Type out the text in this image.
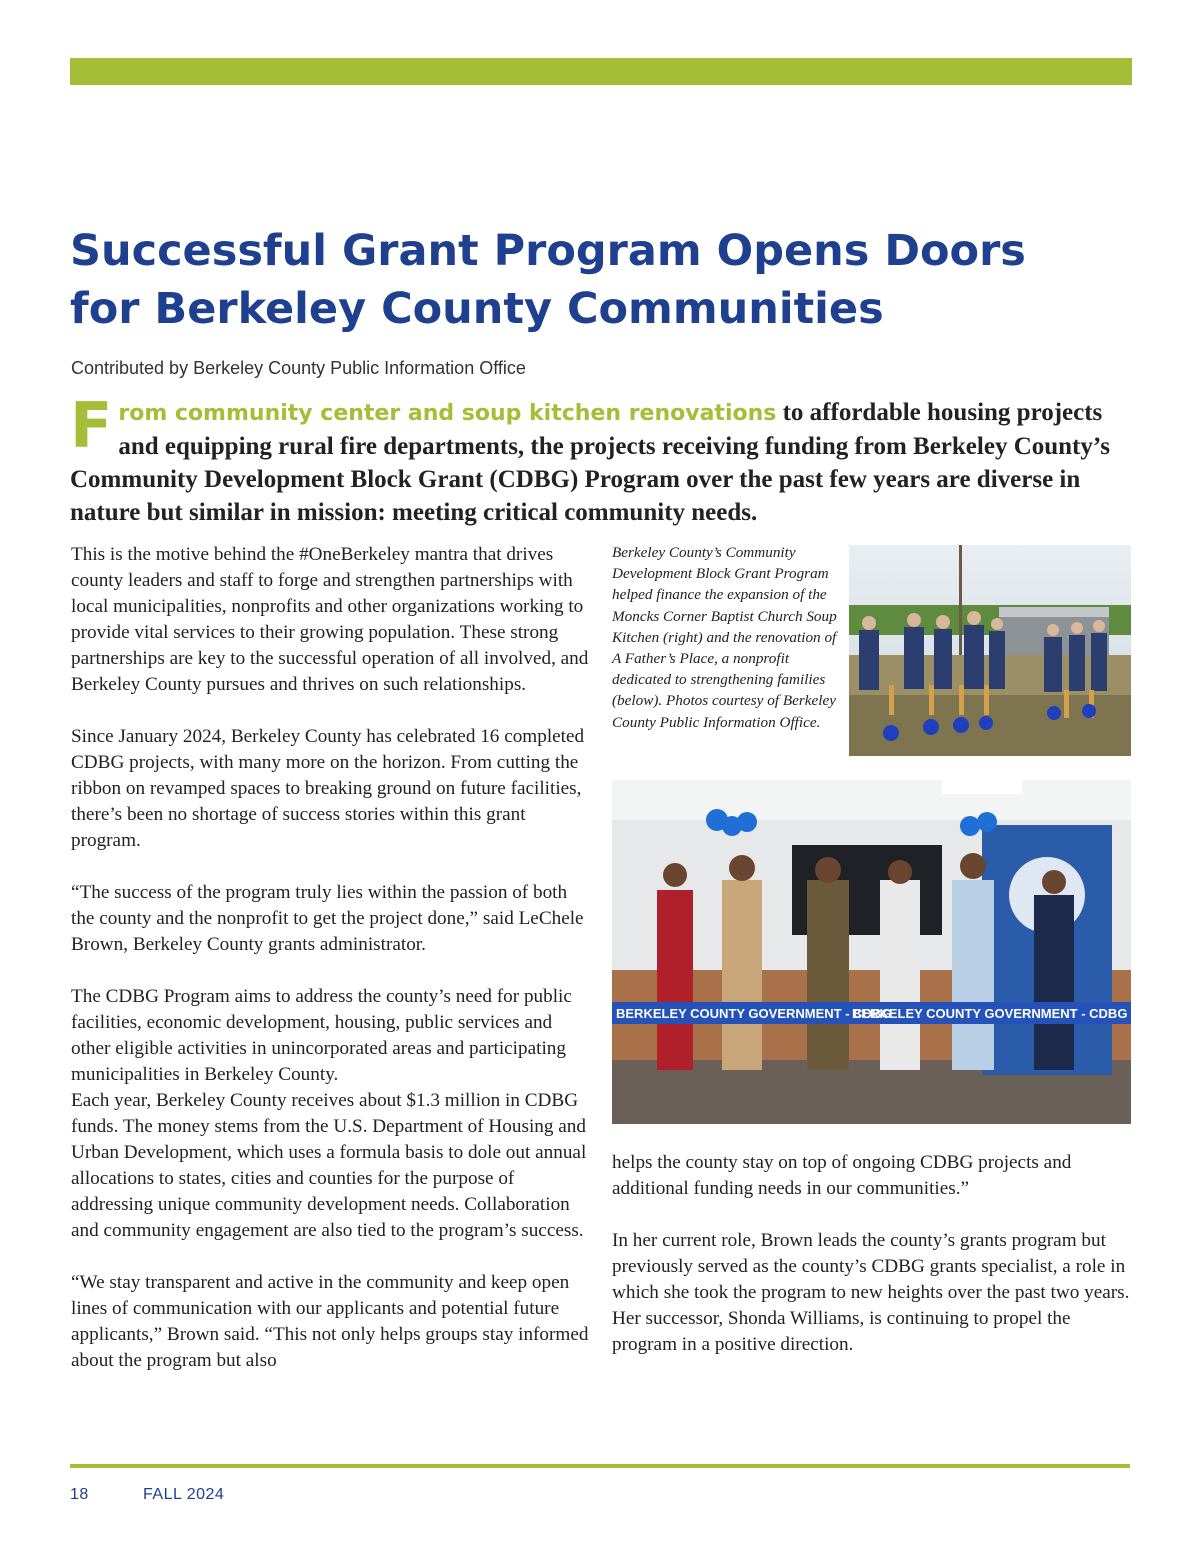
Successful Grant Program Opens Doors
for Berkeley County Communities

Contributed by Berkeley County Public Information Office

From community center and soup kitchen renovations to affordable housing projects and equipping rural fire departments, the projects receiving funding from Berkeley County’s Community Development Block Grant (CDBG) Program over the past few years are diverse in nature but similar in mission: meeting critical community needs.

This is the motive behind the #OneBerkeley mantra that drives county leaders and staff to forge and strengthen partnerships with local municipalities, nonprofits and other organizations working to provide vital services to their growing population. These strong partnerships are key to the successful operation of all involved, and Berkeley County pursues and thrives on such relationships.

Since January 2024, Berkeley County has celebrated 16 completed CDBG projects, with many more on the horizon. From cutting the ribbon on revamped spaces to breaking ground on future facilities, there’s been no shortage of success stories within this grant program.

“The success of the program truly lies within the passion of both the county and the nonprofit to get the project done,” said LeChele Brown, Berkeley County grants administrator.

The CDBG Program aims to address the county’s need for public facilities, economic development, housing, public services and other eligible activities in unincorporated areas and participating municipalities in Berkeley County.

Each year, Berkeley County receives about $1.3 million in CDBG funds. The money stems from the U.S. Department of Housing and Urban Development, which uses a formula basis to dole out annual allocations to states, cities and counties for the purpose of addressing unique community development needs. Collaboration and community engagement are also tied to the program’s success.

“We stay transparent and active in the community and keep open lines of communication with our applicants and potential future applicants,” Brown said. “This not only helps groups stay informed about the program but also

Berkeley County’s Community Development Block Grant Program helped finance the expansion of the Moncks Corner Baptist Church Soup Kitchen (right) and the renovation of A Father’s Place, a nonprofit dedicated to strengthening families (below). Photos courtesy of Berkeley County Public Information Office.

BERKELEY COUNTY GOVERNMENT - CDBG
BERKELEY COUNTY GOVERNMENT - CDBG

helps the county stay on top of ongoing CDBG projects and additional funding needs in our communities.”

In her current role, Brown leads the county’s grants program but previously served as the county’s CDBG grants specialist, a role in which she took the program to new heights over the past two years. Her successor, Shonda Williams, is continuing to propel the program in a positive direction.

18	FALL 2024
